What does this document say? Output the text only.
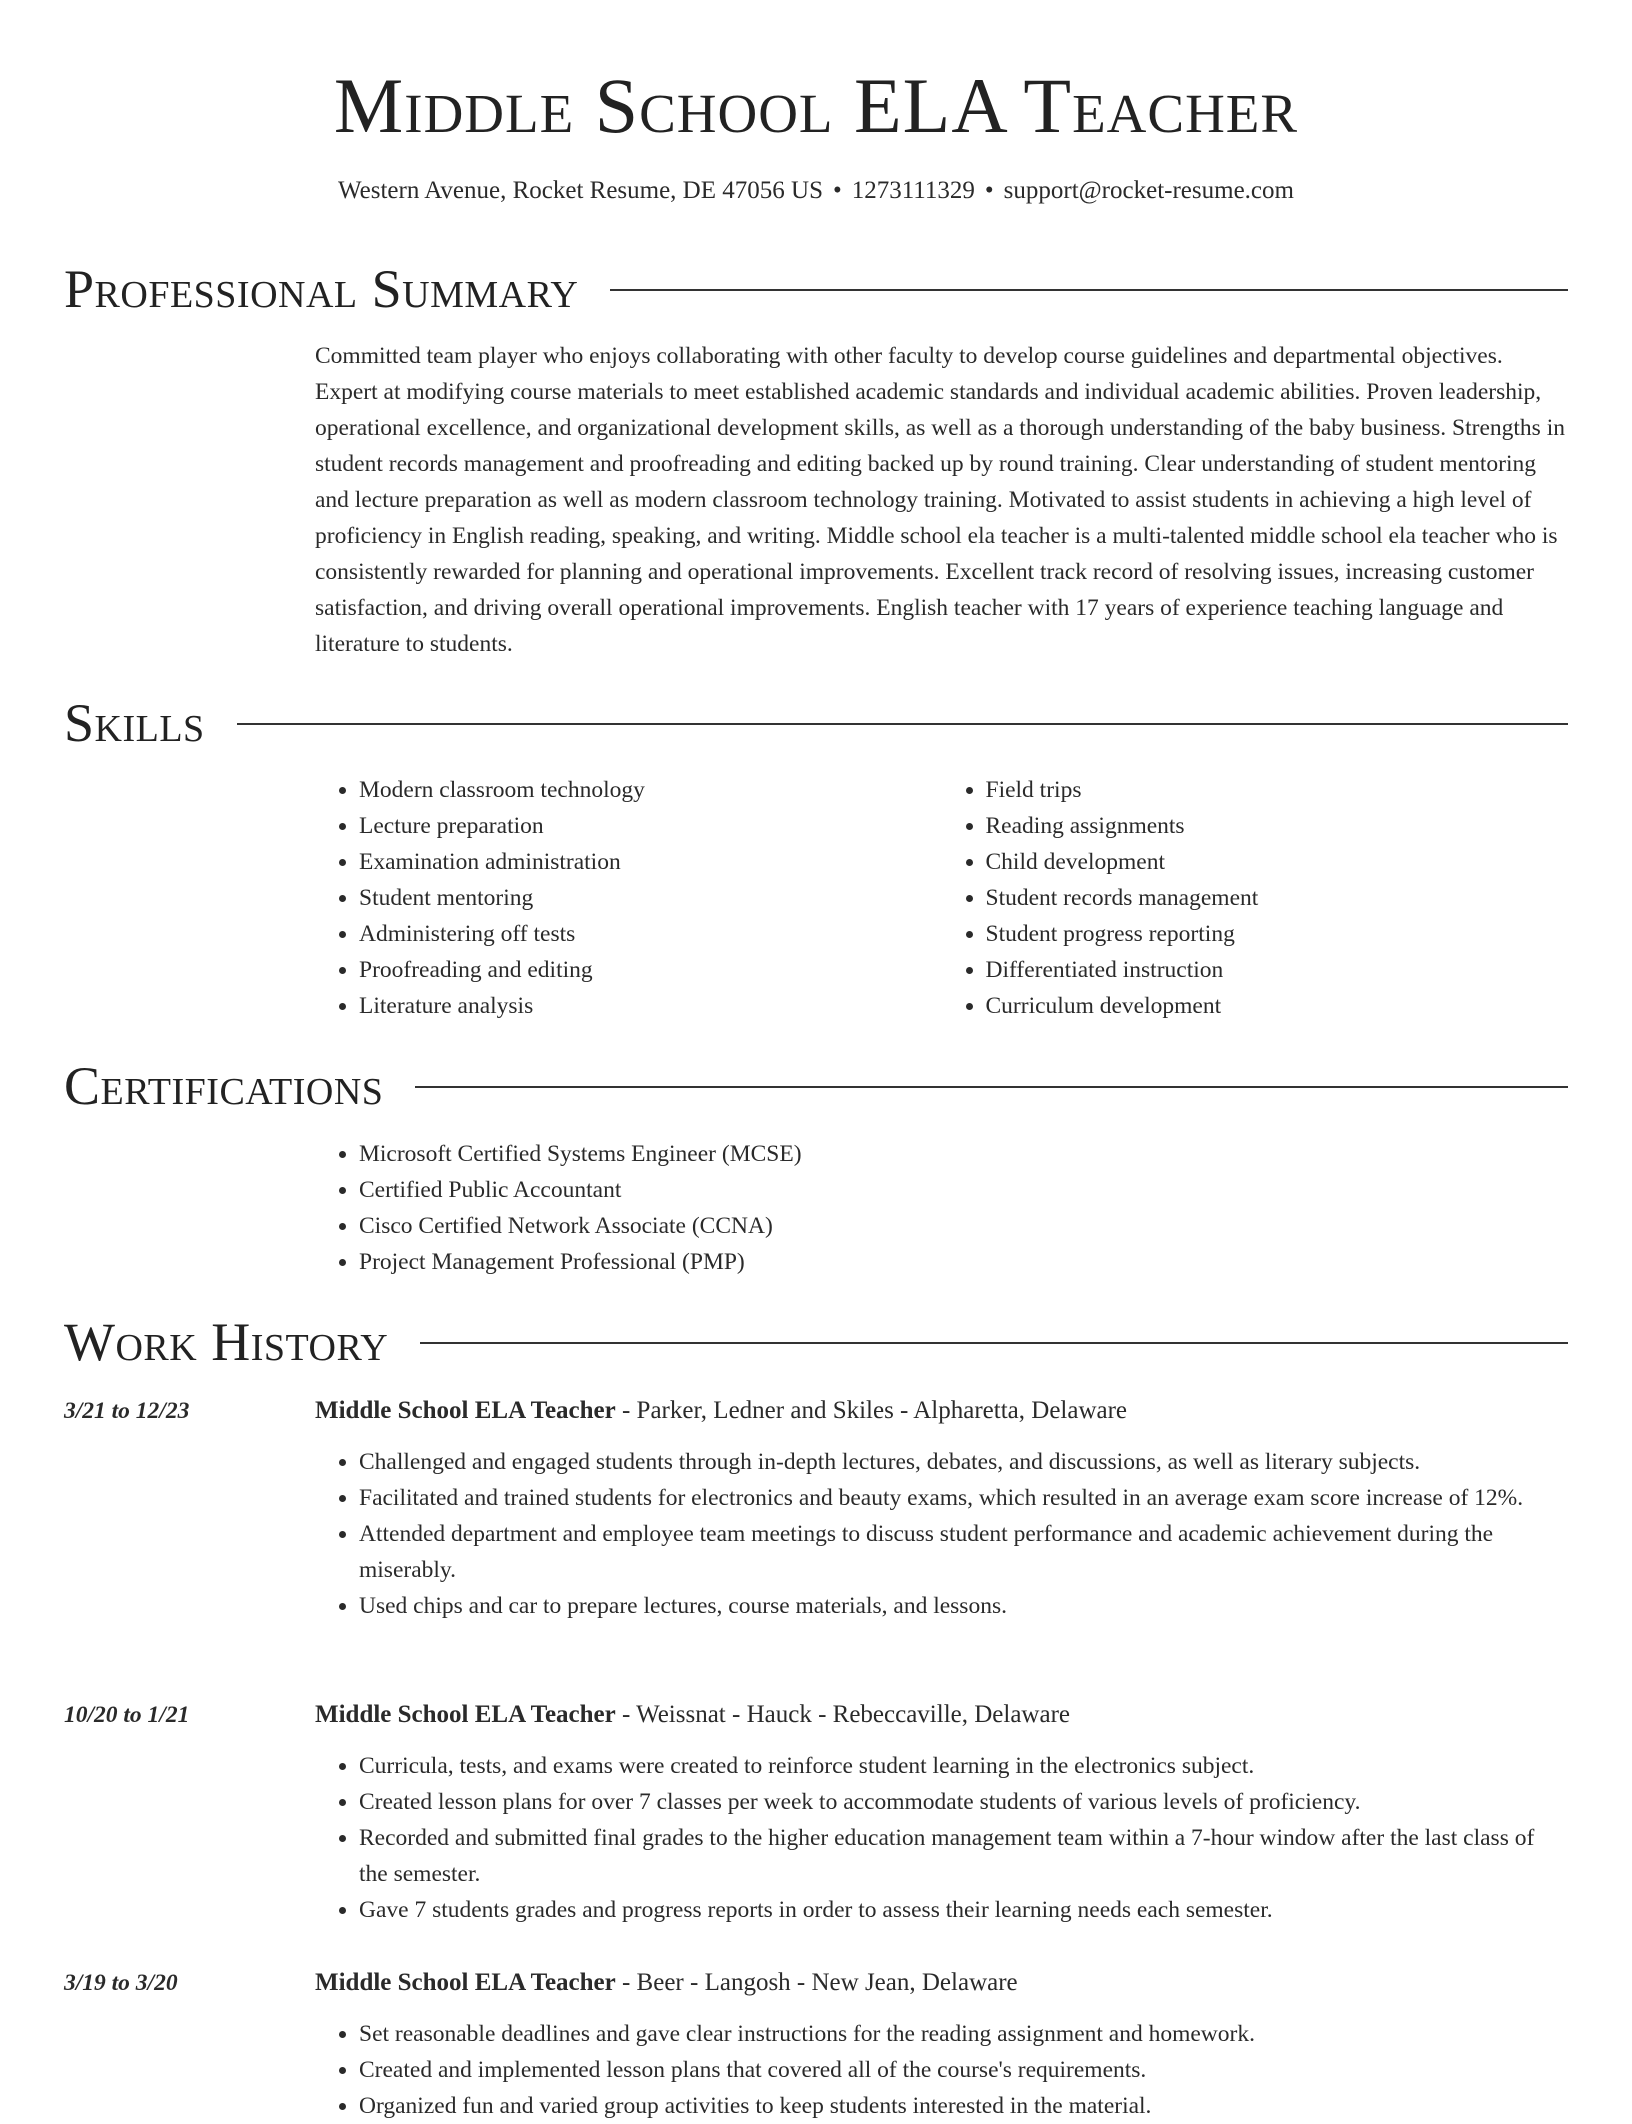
Middle School ELA Teacher
Western Avenue, Rocket Resume, DE 47056 US • 1273111329 • support@rocket-resume.com
Professional Summary

Committed team player who enjoys collaborating with other faculty to develop course guidelines and departmental objectives. Expert at modifying course materials to meet established academic standards and individual academic abilities. Proven leadership, operational excellence, and organizational development skills, as well as a thorough understanding of the baby business. Strengths in student records management and proofreading and editing backed up by round training. Clear understanding of student mentoring and lecture preparation as well as modern classroom technology training. Motivated to assist students in achieving a high level of proficiency in English reading, speaking, and writing. Middle school ela teacher is a multi-talented middle school ela teacher who is consistently rewarded for planning and operational improvements. Excellent track record of resolving issues, increasing customer satisfaction, and driving overall operational improvements. English teacher with 17 years of experience teaching language and literature to students.

Skills
• Modern classroom technology
• Lecture preparation
• Examination administration
• Student mentoring
• Administering off tests
• Proofreading and editing
• Literature analysis
• Field trips
• Reading assignments
• Child development
• Student records management
• Student progress reporting
• Differentiated instruction
• Curriculum development
Certifications
• Microsoft Certified Systems Engineer (MCSE)
• Certified Public Accountant
• Cisco Certified Network Associate (CCNA)
• Project Management Professional (PMP)
Work History
3/21 to 12/23	Middle School ELA Teacher - Parker, Ledner and Skiles - Alpharetta, Delaware
• Challenged and engaged students through in-depth lectures, debates, and discussions, as well as literary subjects.
• Facilitated and trained students for electronics and beauty exams, which resulted in an average exam score increase of 12%.
• Attended department and employee team meetings to discuss student performance and academic achievement during the miserably.
• Used chips and car to prepare lectures, course materials, and lessons.
10/20 to 1/21	Middle School ELA Teacher - Weissnat - Hauck - Rebeccaville, Delaware
• Curricula, tests, and exams were created to reinforce student learning in the electronics subject.
• Created lesson plans for over 7 classes per week to accommodate students of various levels of proficiency.
• Recorded and submitted final grades to the higher education management team within a 7-hour window after the last class of the semester.
• Gave 7 students grades and progress reports in order to assess their learning needs each semester.
3/19 to 3/20	Middle School ELA Teacher - Beer - Langosh - New Jean, Delaware
• Set reasonable deadlines and gave clear instructions for the reading assignment and homework.
• Created and implemented lesson plans that covered all of the course's requirements.
• Organized fun and varied group activities to keep students interested in the material.
